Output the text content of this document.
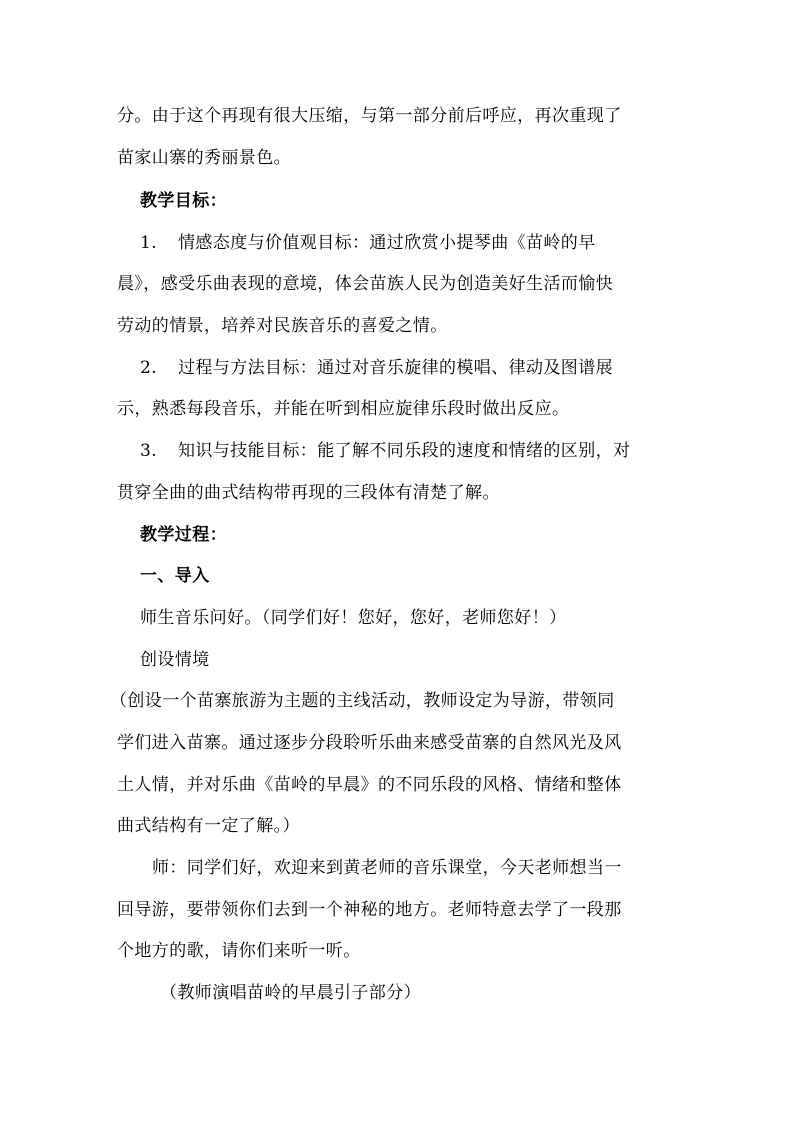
分。由于这个再现有很大压缩，与第一部分前后呼应，再次重现了
苗家山寨的秀丽景色。
教学目标：
1. 情感态度与价值观目标：通过欣赏小提琴曲《苗岭的早
晨》，感受乐曲表现的意境，体会苗族人民为创造美好生活而愉快
劳动的情景，培养对民族音乐的喜爱之情。
2. 过程与方法目标：通过对音乐旋律的模唱、律动及图谱展
示，熟悉每段音乐，并能在听到相应旋律乐段时做出反应。
3. 知识与技能目标：能了解不同乐段的速度和情绪的区别，对
贯穿全曲的曲式结构带再现的三段体有清楚了解。
教学过程：
一、导入
师生音乐问好。（同学们好！您好，您好，老师您好！）
创设情境
（创设一个苗寨旅游为主题的主线活动，教师设定为导游，带领同
学们进入苗寨。通过逐步分段聆听乐曲来感受苗寨的自然风光及风
土人情，并对乐曲《苗岭的早晨》的不同乐段的风格、情绪和整体
曲式结构有一定了解。）
师：同学们好，欢迎来到黄老师的音乐课堂，今天老师想当一
回导游，要带领你们去到一个神秘的地方。老师特意去学了一段那
个地方的歌，请你们来听一听。
（教师演唱苗岭的早晨引子部分）
